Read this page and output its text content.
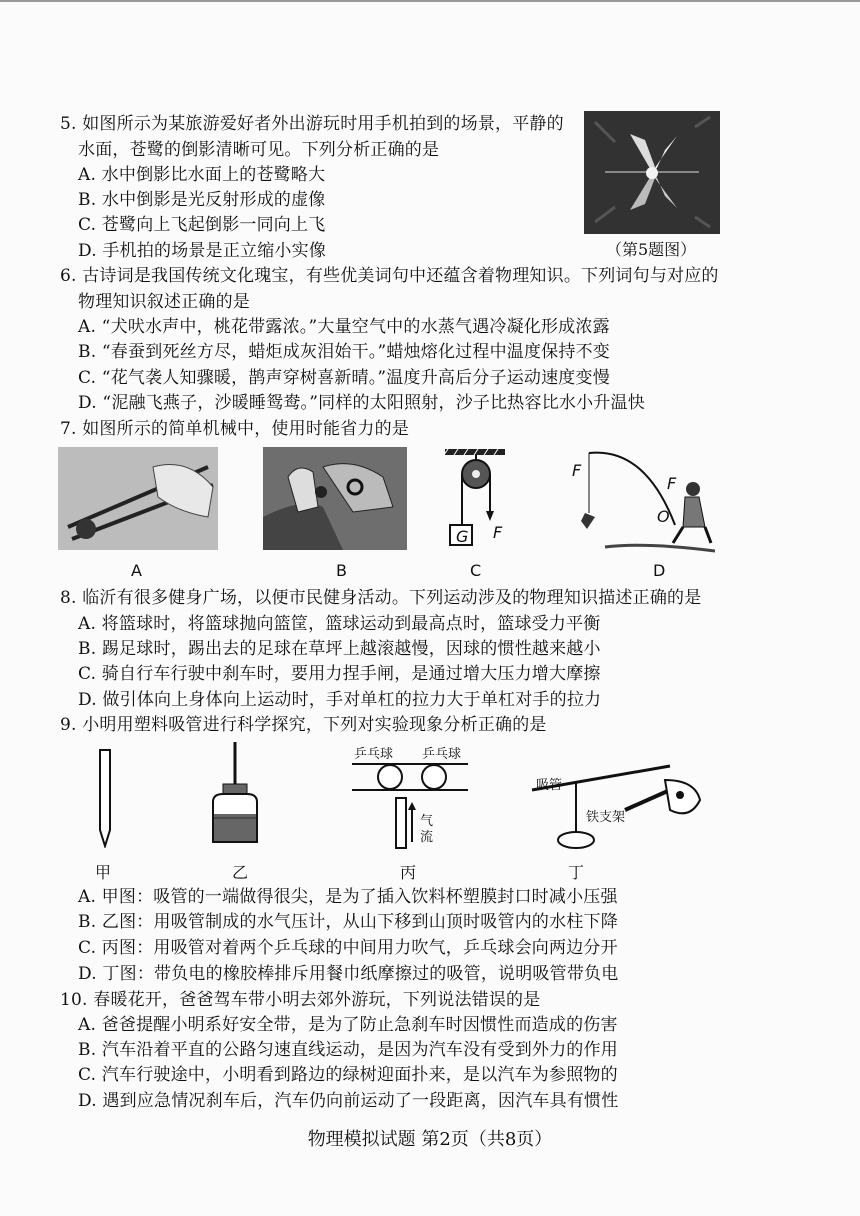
5. 如图所示为某旅游爱好者外出游玩时用手机拍到的场景，平静的
水面，苍鹭的倒影清晰可见。下列分析正确的是
A. 水中倒影比水面上的苍鹭略大
B. 水中倒影是光反射形成的虚像
C. 苍鹭向上飞起倒影一同向上飞
D. 手机拍的场景是正立缩小实像	（第5题图）
6. 古诗词是我国传统文化瑰宝，有些优美词句中还蕴含着物理知识。下列词句与对应的
物理知识叙述正确的是
A. “犬吠水声中，桃花带露浓。”大量空气中的水蒸气遇冷凝化形成浓露
B. “春蚕到死丝方尽，蜡炬成灰泪始干。”蜡烛熔化过程中温度保持不变
C. “花气袭人知骤暖，鹊声穿树喜新晴。”温度升高后分子运动速度变慢
D. “泥融飞燕子，沙暖睡鸳鸯。”同样的太阳照射，沙子比热容比水小升温快
7. 如图所示的简单机械中，使用时能省力的是
G F
F
F
O
A	B	C	D
8. 临沂有很多健身广场，以便市民健身活动。下列运动涉及的物理知识描述正确的是
A. 将篮球时，将篮球抛向篮筐，篮球运动到最高点时，篮球受力平衡
B. 踢足球时，踢出去的足球在草坪上越滚越慢，因球的惯性越来越小
C. 骑自行车行驶中刹车时，要用力捏手闸，是通过增大压力增大摩擦
D. 做引体向上身体向上运动时，手对单杠的拉力大于单杠对手的拉力
9. 小明用塑料吸管进行科学探究，下列对实验现象分析正确的是
乒乓球 乒乓球
气
流
吸管
铁支架
甲	乙	丙	丁
A. 甲图：吸管的一端做得很尖，是为了插入饮料杯塑膜封口时减小压强
B. 乙图：用吸管制成的水气压计，从山下移到山顶时吸管内的水柱下降
C. 丙图：用吸管对着两个乒乓球的中间用力吹气，乒乓球会向两边分开
D. 丁图：带负电的橡胶棒排斥用餐巾纸摩擦过的吸管，说明吸管带负电
10. 春暖花开，爸爸驾车带小明去郊外游玩，下列说法错误的是
A. 爸爸提醒小明系好安全带，是为了防止急刹车时因惯性而造成的伤害
B. 汽车沿着平直的公路匀速直线运动，是因为汽车没有受到外力的作用
C. 汽车行驶途中，小明看到路边的绿树迎面扑来，是以汽车为参照物的
D. 遇到应急情况刹车后，汽车仍向前运动了一段距离，因汽车具有惯性
物理模拟试题 第2页（共8页）
